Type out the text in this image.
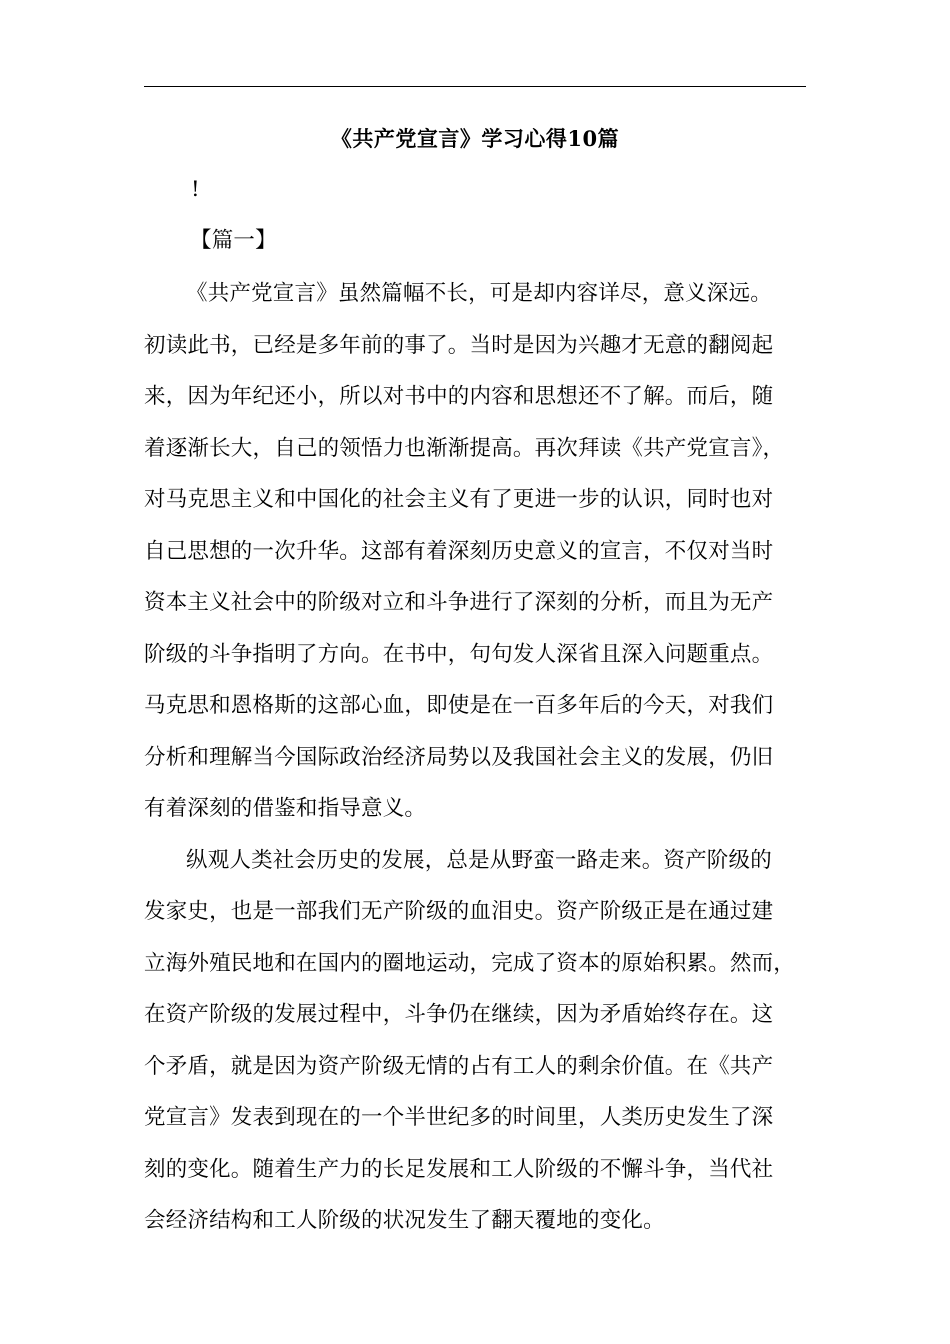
《共产党宣言》学习心得10篇
!
【篇一】
《共产党宣言》虽然篇幅不长，可是却内容详尽，意义深远。
初读此书，已经是多年前的事了。当时是因为兴趣才无意的翻阅起
来，因为年纪还小，所以对书中的内容和思想还不了解。而后，随
着逐渐长大，自己的领悟力也渐渐提高。再次拜读《共产党宣言》，
对马克思主义和中国化的社会主义有了更进一步的认识，同时也对
自己思想的一次升华。这部有着深刻历史意义的宣言，不仅对当时
资本主义社会中的阶级对立和斗争进行了深刻的分析，而且为无产
阶级的斗争指明了方向。在书中，句句发人深省且深入问题重点。
马克思和恩格斯的这部心血，即使是在一百多年后的今天，对我们
分析和理解当今国际政治经济局势以及我国社会主义的发展，仍旧
有着深刻的借鉴和指导意义。
纵观人类社会历史的发展，总是从野蛮一路走来。资产阶级的
发家史，也是一部我们无产阶级的血泪史。资产阶级正是在通过建
立海外殖民地和在国内的圈地运动，完成了资本的原始积累。然而，
在资产阶级的发展过程中，斗争仍在继续，因为矛盾始终存在。这
个矛盾，就是因为资产阶级无情的占有工人的剩余价值。在《共产
党宣言》发表到现在的一个半世纪多的时间里，人类历史发生了深
刻的变化。随着生产力的长足发展和工人阶级的不懈斗争，当代社
会经济结构和工人阶级的状况发生了翻天覆地的变化。
